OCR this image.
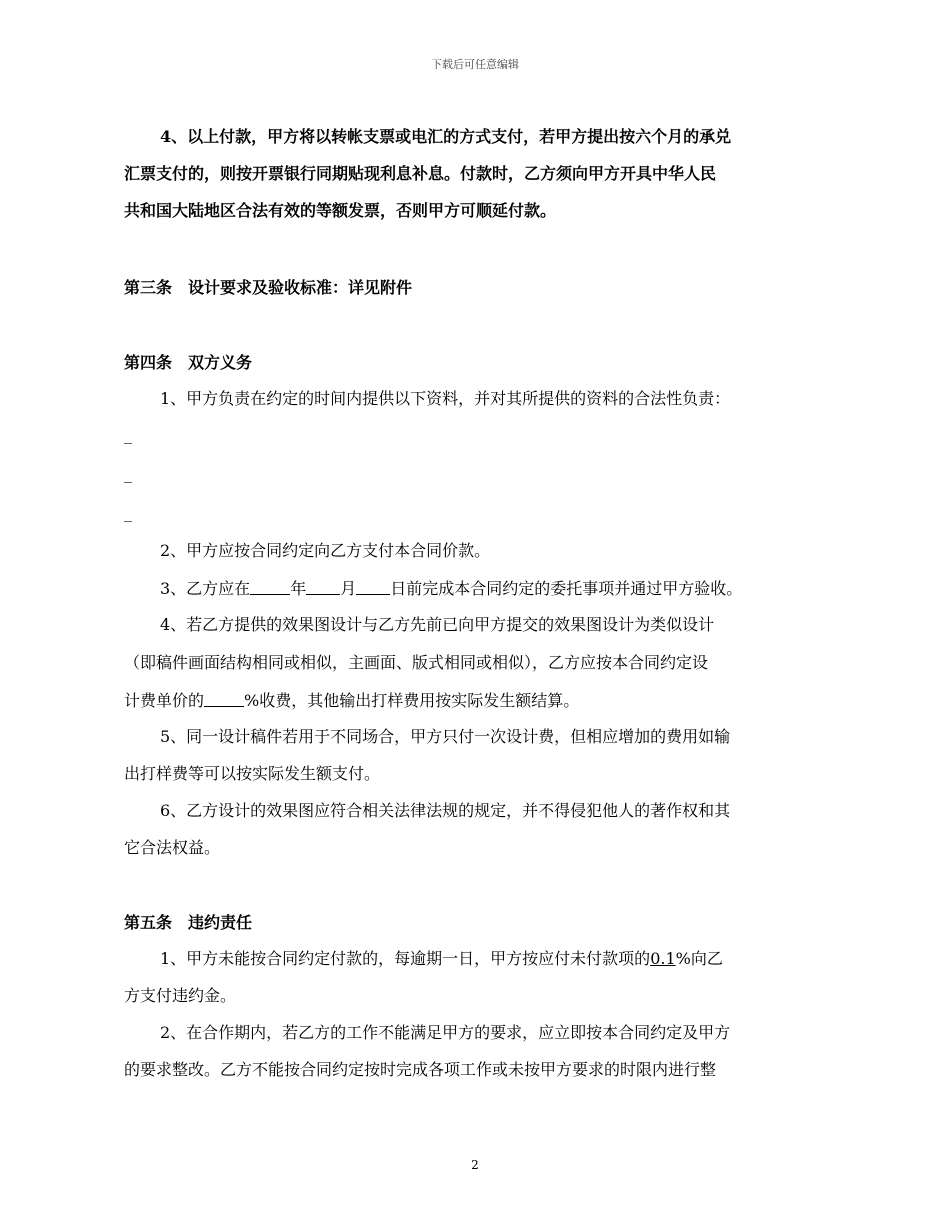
下载后可任意编辑
4、以上付款，甲方将以转帐支票或电汇的方式支付，若甲方提出按六个月的承兑
汇票支付的，则按开票银行同期贴现利息补息。付款时，乙方须向甲方开具中华人民
共和国大陆地区合法有效的等额发票，否则甲方可顺延付款。
第三条　设计要求及验收标准：详见附件
第四条　双方义务
1、甲方负责在约定的时间内提供以下资料，并对其所提供的资料的合法性负责：
_
_
_
2、甲方应按合同约定向乙方支付本合同价款。
3、乙方应在	年 月 日前完成本合同约定的委托事项并通过甲方验收。
4、若乙方提供的效果图设计与乙方先前已向甲方提交的效果图设计为类似设计
（即稿件画面结构相同或相似，主画面、版式相同或相似），乙方应按本合同约定设
计费单价的	%收费，其他输出打样费用按实际发生额结算。
5、同一设计稿件若用于不同场合，甲方只付一次设计费，但相应增加的费用如输
出打样费等可以按实际发生额支付。
6、乙方设计的效果图应符合相关法律法规的规定，并不得侵犯他人的著作权和其
它合法权益。
第五条　违约责任
1、甲方未能按合同约定付款的，每逾期一日，甲方按应付未付款项的0.1%向乙
方支付违约金。
2、在合作期内，若乙方的工作不能满足甲方的要求，应立即按本合同约定及甲方
的要求整改。乙方不能按合同约定按时完成各项工作或未按甲方要求的时限内进行整
2
